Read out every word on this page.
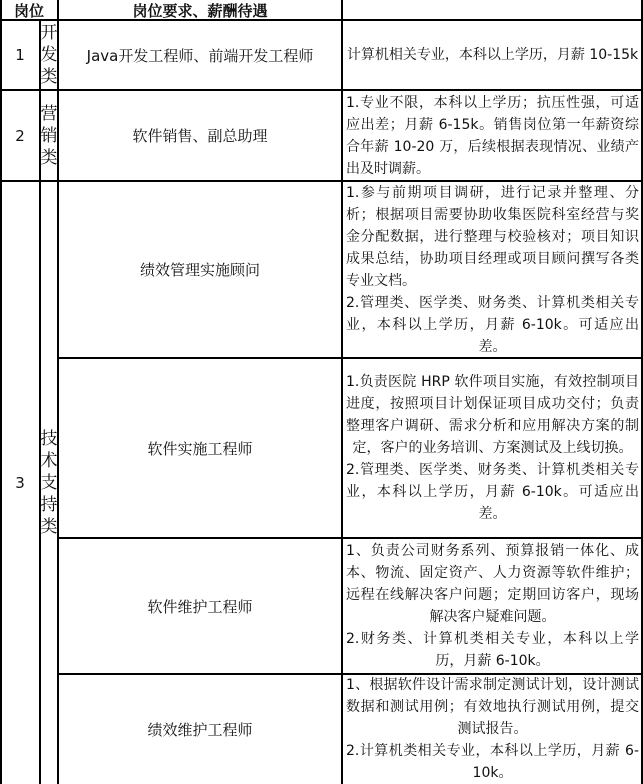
岗位	岗位要求、薪酬待遇
1
开
发
类
Java开发工程师、前端开发工程师 计算机相关专业，本科以上学历，月薪 10-15k
2
营
销
类
软件销售、副总助理
1.专业不限，本科以上学历；抗压性强，可适应出差；月薪 6-15k。销售岗位第一年薪资综合年薪 10-20 万，后续根据表现情况、业绩产出及时调薪。
3
技
术
支
持
类
绩效管理实施顾问
1.参与前期项目调研，进行记录并整理、分析；根据项目需要协助收集医院科室经营与奖金分配数据，进行整理与校验核对；项目知识成果总结，协助项目经理或项目顾问撰写各类专业文档。
2.管理类、医学类、财务类、计算机类相关专业，本科以上学历，月薪 6-10k。可适应出差。
软件实施工程师
1.负责医院 HRP 软件项目实施，有效控制项目进度，按照项目计划保证项目成功交付；负责整理客户调研、需求分析和应用解决方案的制定，客户的业务培训、方案测试及上线切换。
2.管理类、医学类、财务类、计算机类相关专业，本科以上学历，月薪 6-10k。可适应出差。
软件维护工程师
1、负责公司财务系列、预算报销一体化、成本、物流、固定资产、人力资源等软件维护；远程在线解决客户问题；定期回访客户，现场解决客户疑难问题。
2.财务类、计算机类相关专业，本科以上学历，月薪 6-10k。
绩效维护工程师
1、根据软件设计需求制定测试计划，设计测试数据和测试用例；有效地执行测试用例，提交测试报告。
2.计算机类相关专业，本科以上学历，月薪 6-10k。
